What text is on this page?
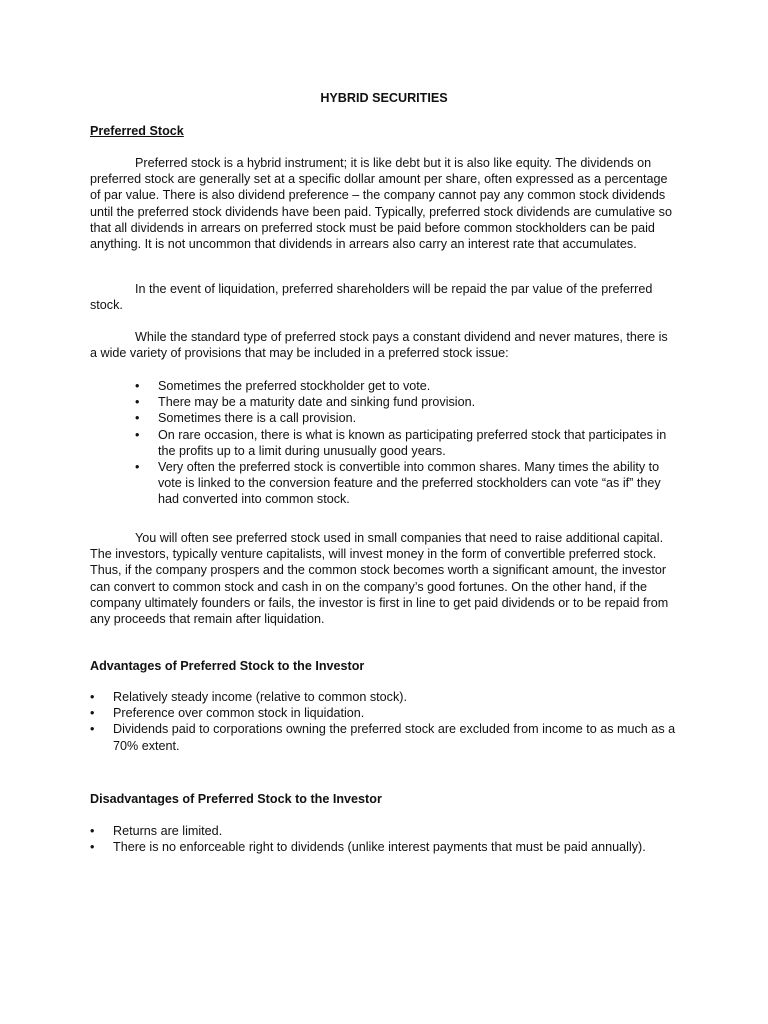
HYBRID SECURITIES
Preferred Stock

Preferred stock is a hybrid instrument; it is like debt but it is also like equity. The dividends on preferred stock are generally set at a specific dollar amount per share, often expressed as a percentage of par value. There is also dividend preference – the company cannot pay any common stock dividends until the preferred stock dividends have been paid. Typically, preferred stock dividends are cumulative so that all dividends in arrears on preferred stock must be paid before common stockholders can be paid anything. It is not uncommon that dividends in arrears also carry an interest rate that accumulates.

In the event of liquidation, preferred shareholders will be repaid the par value of the preferred stock.

While the standard type of preferred stock pays a constant dividend and never matures, there is a wide variety of provisions that may be included in a preferred stock issue:

•	Sometimes the preferred stockholder get to vote.
•	There may be a maturity date and sinking fund provision.
•	Sometimes there is a call provision.
•	On rare occasion, there is what is known as participating preferred stock that participates in the profits up to a limit during unusually good years.
•	Very often the preferred stock is convertible into common shares. Many times the ability to vote is linked to the conversion feature and the preferred stockholders can vote “as if” they had converted into common stock.

You will often see preferred stock used in small companies that need to raise additional capital. The investors, typically venture capitalists, will invest money in the form of convertible preferred stock. Thus, if the company prospers and the common stock becomes worth a significant amount, the investor can convert to common stock and cash in on the company’s good fortunes. On the other hand, if the company ultimately founders or fails, the investor is first in line to get paid dividends or to be repaid from any proceeds that remain after liquidation.

Advantages of Preferred Stock to the Investor
•	Relatively steady income (relative to common stock).
•	Preference over common stock in liquidation.
•	Dividends paid to corporations owning the preferred stock are excluded from income to as much as a 70% extent.
Disadvantages of Preferred Stock to the Investor
•	Returns are limited.
•	There is no enforceable right to dividends (unlike interest payments that must be paid annually).
